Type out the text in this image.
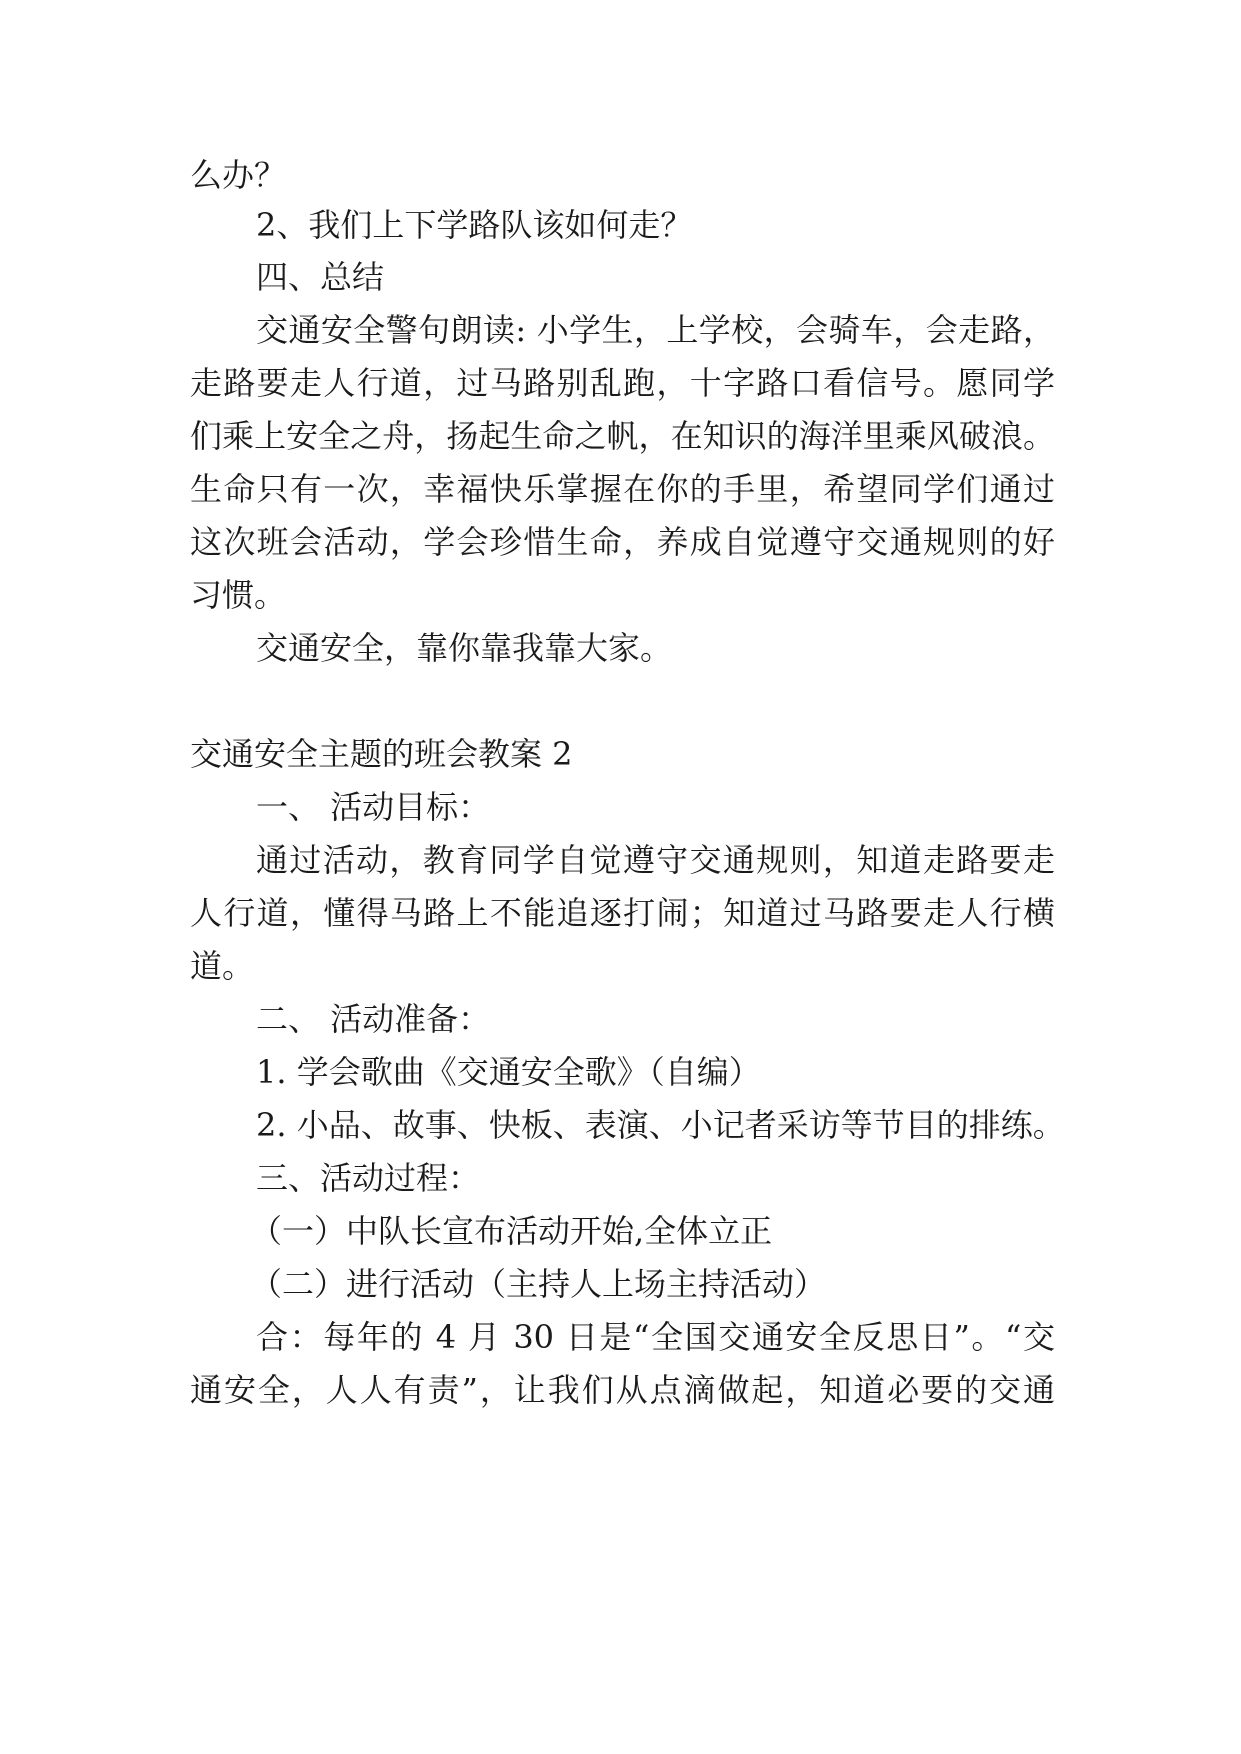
么办？
2、我们上下学路队该如何走？
四、总结
交通安全警句朗读: 小学生，上学校，会骑车，会走路，
走路要走人行道，过马路别乱跑，十字路口看信号。愿同学
们乘上安全之舟，扬起生命之帆，在知识的海洋里乘风破浪。
生命只有一次，幸福快乐掌握在你的手里，希望同学们通过
这次班会活动，学会珍惜生命，养成自觉遵守交通规则的好
习惯。
交通安全，靠你靠我靠大家。
交通安全主题的班会教案 2
一、 活动目标：
通过活动，教育同学自觉遵守交通规则，知道走路要走
人行道，懂得马路上不能追逐打闹；知道过马路要走人行横
道。
二、 活动准备：
1. 学会歌曲《交通安全歌》（自编）
2. 小品、故事、快板、表演、小记者采访等节目的排练。
三、活动过程：
（一）中队长宣布活动开始,全体立正
（二）进行活动（主持人上场主持活动）
合：每年的 4 月 30 日是“全国交通安全反思日”。“交
通安全，人人有责”，让我们从点滴做起，知道必要的交通
